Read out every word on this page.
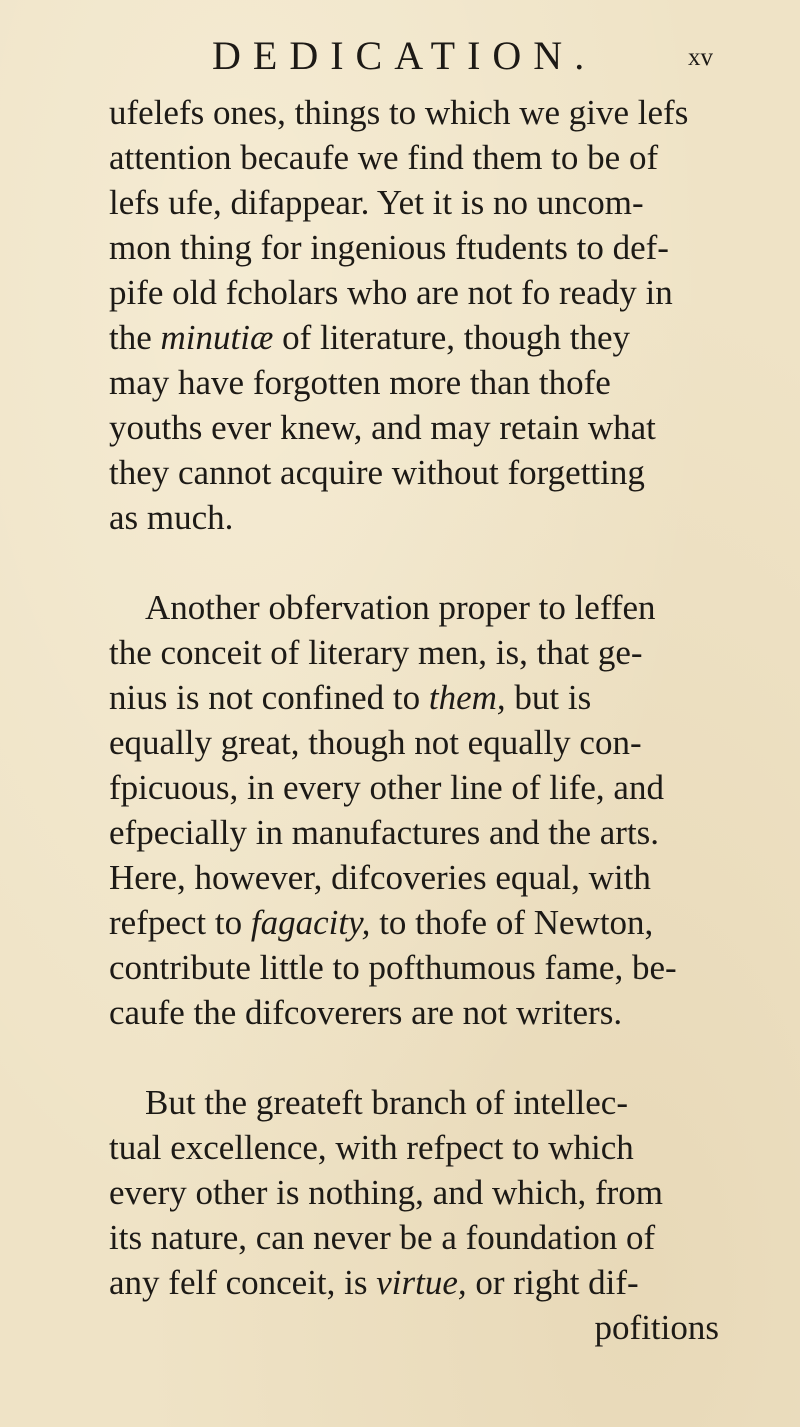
DEDICATION.	xv
ufelefs ones, things to which we give lefs
attention becaufe we find them to be of
lefs ufe, difappear. Yet it is no uncom-
mon thing for ingenious ftudents to def-
pife old fcholars who are not fo ready in
the minutiæ of literature, though they
may have forgotten more than thofe
youths ever knew, and may retain what
they cannot acquire without forgetting
as much.
Another obfervation proper to leffen
the conceit of literary men, is, that ge-
nius is not confined to them, but is
equally great, though not equally con-
fpicuous, in every other line of life, and
efpecially in manufactures and the arts.
Here, however, difcoveries equal, with
refpect to fagacity, to thofe of Newton,
contribute little to pofthumous fame, be-
caufe the difcoverers are not writers.
But the greateft branch of intellec-
tual excellence, with refpect to which
every other is nothing, and which, from
its nature, can never be a foundation of
any felf conceit, is virtue, or right dif-
pofitions
